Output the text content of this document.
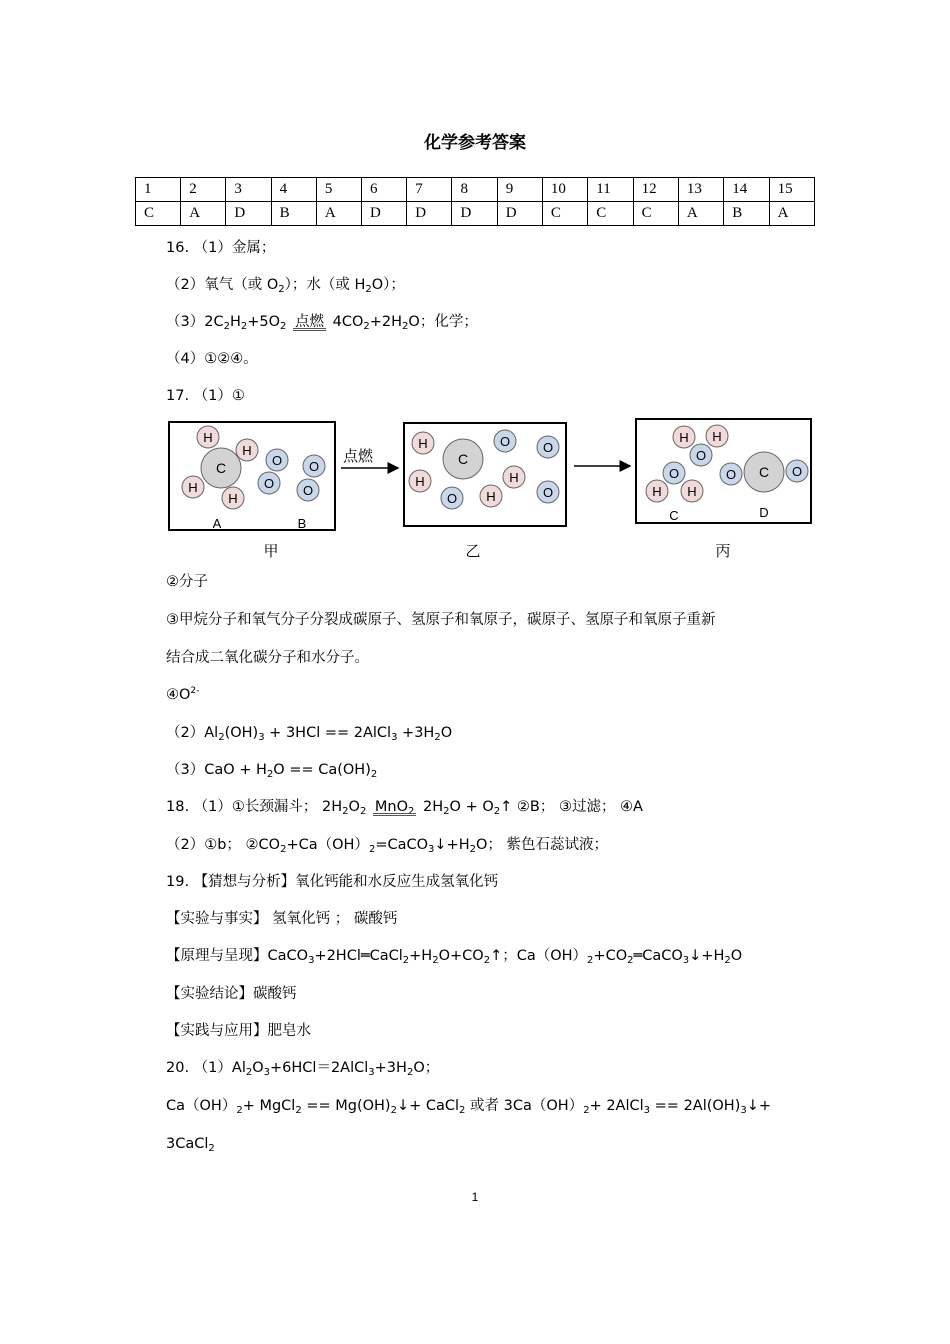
化学参考答案
1	2	3	4	5	6	7	8	9	10	11	12	13	14	15
C	A	D	B	A	D	D	D	D	C	C	C	A	B	A
16. （1）金属；
（2）氧气（或 $O_2$）；水（或 $H_2O$）；
$(3)2C_2H_2+5O_2$ 点燃 $4CO_2+2H_2O$；化学；
（4）①②④。
17. （1）①
H
H
H
H
C	O
O
O
O
A	B
点燃
H
C
O	O
H	H
O H	O
H H
O
O
H H
O C O
C	D
甲	乙	丙
②分子
③甲烷分子和氧气分子分裂成碳原子、氢原子和氧原子，碳原子、氢原子和氧原子重新
结合成二氧化碳分子和水分子。
$④O^{2-}$
$(2)Al_2(OH)_3 + 3HCl$ == 2AlCl$_3$ $+3H_2O$
$(3)CaO + H_2O == Ca(OH)_2$
18. （1）①长颈漏斗； $2H_2O_2$ MnO$_2$ $2H_2O$ + $O_2↑$ ②B； ③过滤； ④A
（2）①b； $②CO_2+Ca(OH)_2=CaCO_3↓+H_2O$； 紫色石蕊试液；
19. 【猜想与分析】氧化钙能和水反应生成氢氧化钙
【实验与事实】 氢氧化钙 ； 碳酸钙
【原理与呈现】$CaCO_3+2HCl═CaCl_2+H_2O+CO_2↑$；$Ca(OH)_2+CO_2═CaCO_3↓+H_2O$
【实验结论】碳酸钙
【实践与应用】肥皂水
20. $(1)Al_2O_3+6HCl=2AlCl_3+3H_2O$；
$Ca(OH)_2+$ MgCl$_2$ == $Mg(OH)_2↓+$ CaCl$_2$ 或者 $3Ca(OH)_2+$ 2AlCl$_3$ == $2Al(OH)_3↓+$
3CaCl$_2$
1
